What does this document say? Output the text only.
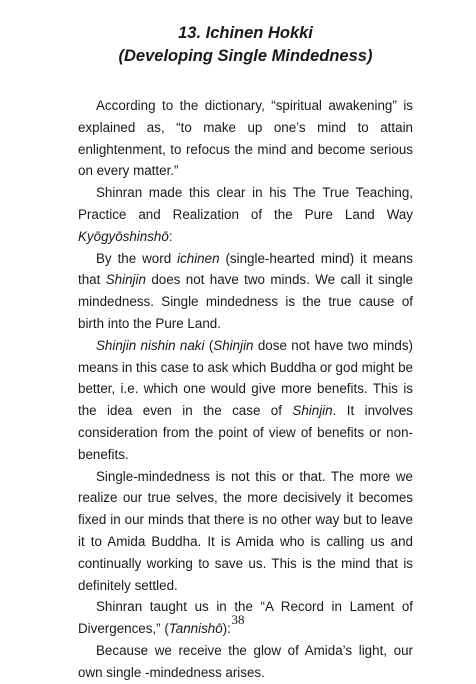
13. Ichinen Hokki
(Developing Single Mindedness)

According to the dictionary, “spiritual awakening” is explained as, “to make up one’s mind to attain enlightenment, to refocus the mind and become serious on every matter.”

Shinran made this clear in his The True Teaching, Practice and Realization of the Pure Land Way Kyōgyōshinshō:

By the word ichinen (single-hearted mind) it means that Shinjin does not have two minds. We call it single mindedness. Single mindedness is the true cause of birth into the Pure Land.

Shinjin nishin naki (Shinjin dose not have two minds) means in this case to ask which Buddha or god might be better, i.e. which one would give more benefits. This is the idea even in the case of Shinjin. It involves consideration from the point of view of benefits or non-benefits.

Single-mindedness is not this or that. The more we realize our true selves, the more decisively it becomes fixed in our minds that there is no other way but to leave it to Amida Buddha. It is Amida who is calling us and continually working to save us. This is the mind that is definitely settled.

Shinran taught us in the “A Record in Lament of Divergences,” (Tannishō):

Because we receive the glow of Amida’s light, our own single -mindedness arises.

38
